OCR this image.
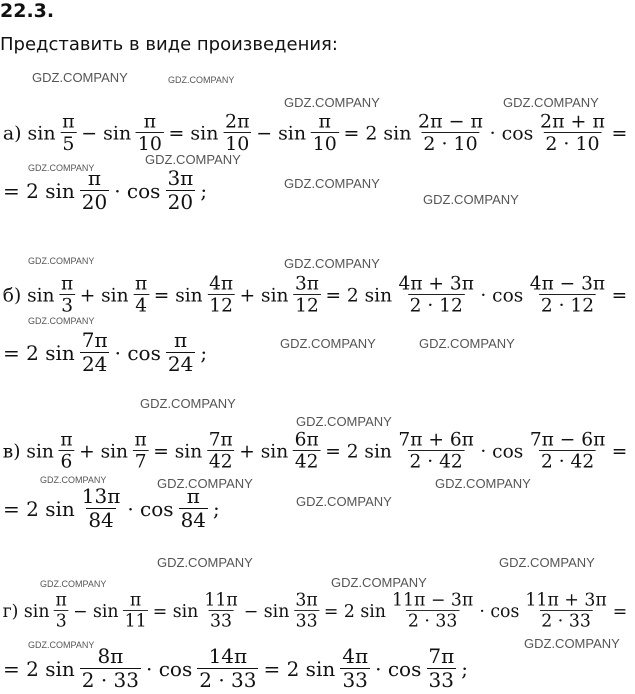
22.3.
Представить в виде произведения:
а) $\sin \frac{\pi}{5} - \sin \frac{\pi}{10} = \sin \frac{2\pi}{10} - \sin \frac{\pi}{10} = 2$ $\sin \frac{2\pi - \pi}{2 \cdot 10} \cdot \cos \frac{2\pi + \pi}{2 \cdot 10}$ =
= 2 $\sin \frac{\pi}{20} \cdot \cos \frac{3\pi}{20}$ ;
б) $\sin \frac{\pi}{3} + \sin \frac{\pi}{4} = \sin \frac{4\pi}{12} + \sin \frac{3\pi}{12} = 2$ $\sin \frac{4\pi + 3\pi}{2 \cdot 12} \cdot \cos \frac{4\pi - 3\pi}{2 \cdot 12}$ =
= 2 $\sin \frac{7\pi}{24} \cdot \cos \frac{\pi}{24}$ ;
в) $\sin \frac{\pi}{6} + \sin \frac{\pi}{7} = \sin \frac{7\pi}{42} + \sin \frac{6\pi}{42} = 2$ $\sin \frac{7\pi + 6\pi}{2 \cdot 42} \cdot \cos \frac{7\pi - 6\pi}{2 \cdot 42}$ =
= 2 $\sin \frac{13\pi}{84} \cdot \cos \frac{\pi}{84}$ ;
г) $\sin \frac{\pi}{3} - \sin \frac{\pi}{11} = \sin \frac{11\pi}{33} - \sin \frac{3\pi}{33} = 2$ $\sin \frac{11\pi - 3\pi}{2 \cdot 33} \cdot \cos \frac{11\pi + 3\pi}{2 \cdot 33}$ =
= 2 $\sin \frac{8\pi}{2 \cdot 33} \cdot \cos \frac{14\pi}{2 \cdot 33} = 2$ $\sin \frac{4\pi}{33} \cdot \cos \frac{7\pi}{33}$ ;
GDZ.COMPANY	GDZ.COMPANY
GDZ.COMPANY	GDZ.COMPANY
GDZ.COMPANY
GDZ.COMPANY
GDZ.COMPANY
GDZ.COMPANY
GDZ.COMPANY	GDZ.COMPANY
GDZ.COMPANY
GDZ.COMPANY	GDZ.COMPANY
GDZ.COMPANY
GDZ.COMPANY
GDZ.COMPANY	GDZ.COMPANY	GDZ.COMPANY
GDZ.COMPANY
GDZ.COMPANY	GDZ.COMPANY
GDZ.COMPANY
GDZ.COMPANY
GDZ.COMPANY
GDZ.COMPANY
